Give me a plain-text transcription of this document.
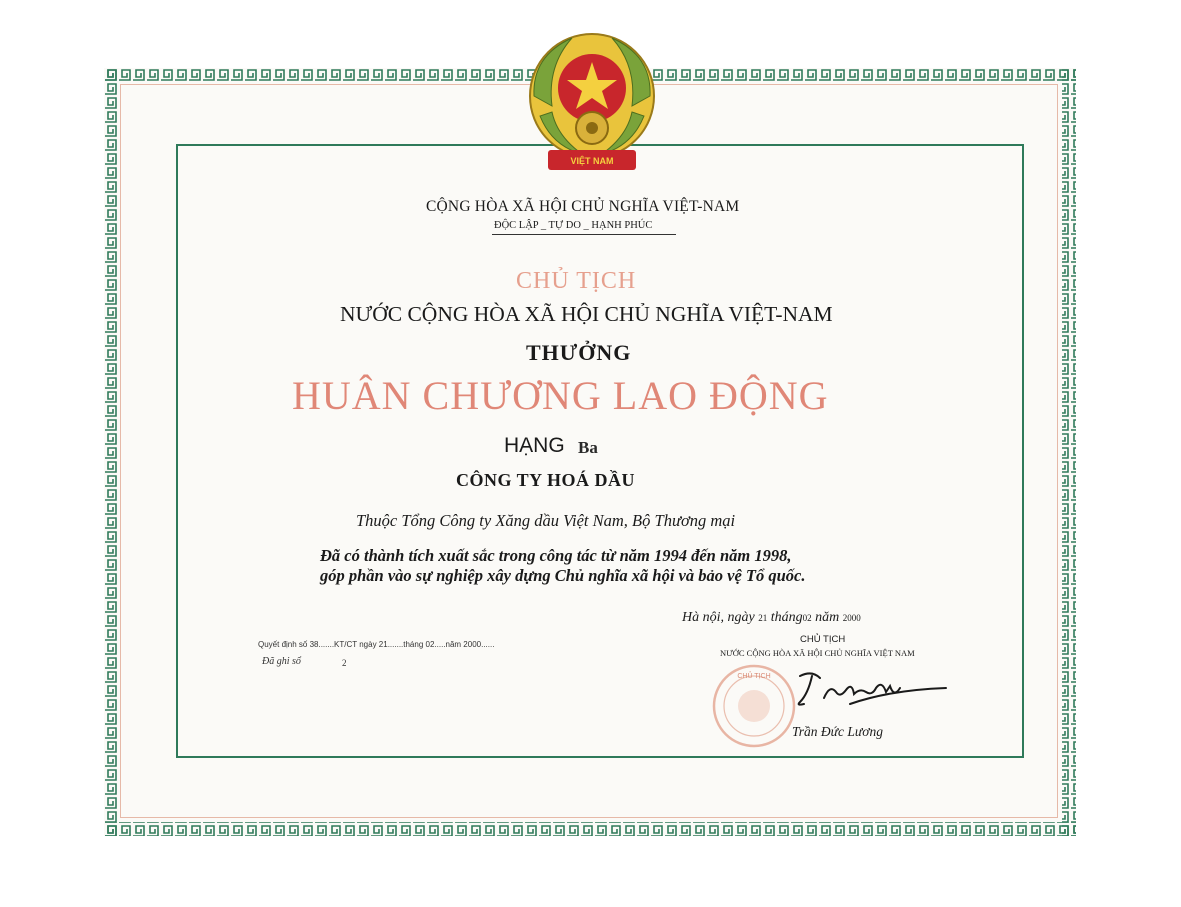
VIỆT NAM
CỘNG HÒA XÃ HỘI CHỦ NGHĨA VIỆT-NAM
ĐỘC LẬP _ TỰ DO _ HẠNH PHÚC
CHỦ TỊCH
NƯỚC CỘNG HÒA XÃ HỘI CHỦ NGHĨA VIỆT-NAM
THƯỞNG
HUÂN CHƯƠNG LAO ĐỘNG
HẠNG Ba
CÔNG TY HOÁ DẦU
Thuộc Tổng Công ty Xăng dầu Việt Nam, Bộ Thương mại
Đã có thành tích xuất sắc trong công tác từ năm 1994 đến năm 1998,
góp phần vào sự nghiệp xây dựng Chủ nghĩa xã hội và bảo vệ Tổ quốc.
Hà nội, ngày 21 tháng02 năm 2000
CHỦ TỊCH
NƯỚC CỘNG HÒA XÃ HỘI CHỦ NGHĨA VIỆT NAM
CHỦ TỊCH
Trần Đức Lương
Quyết định số 38.......KT/CT ngày 21.......tháng 02.....năm 2000......
Đã ghi sổ	2
